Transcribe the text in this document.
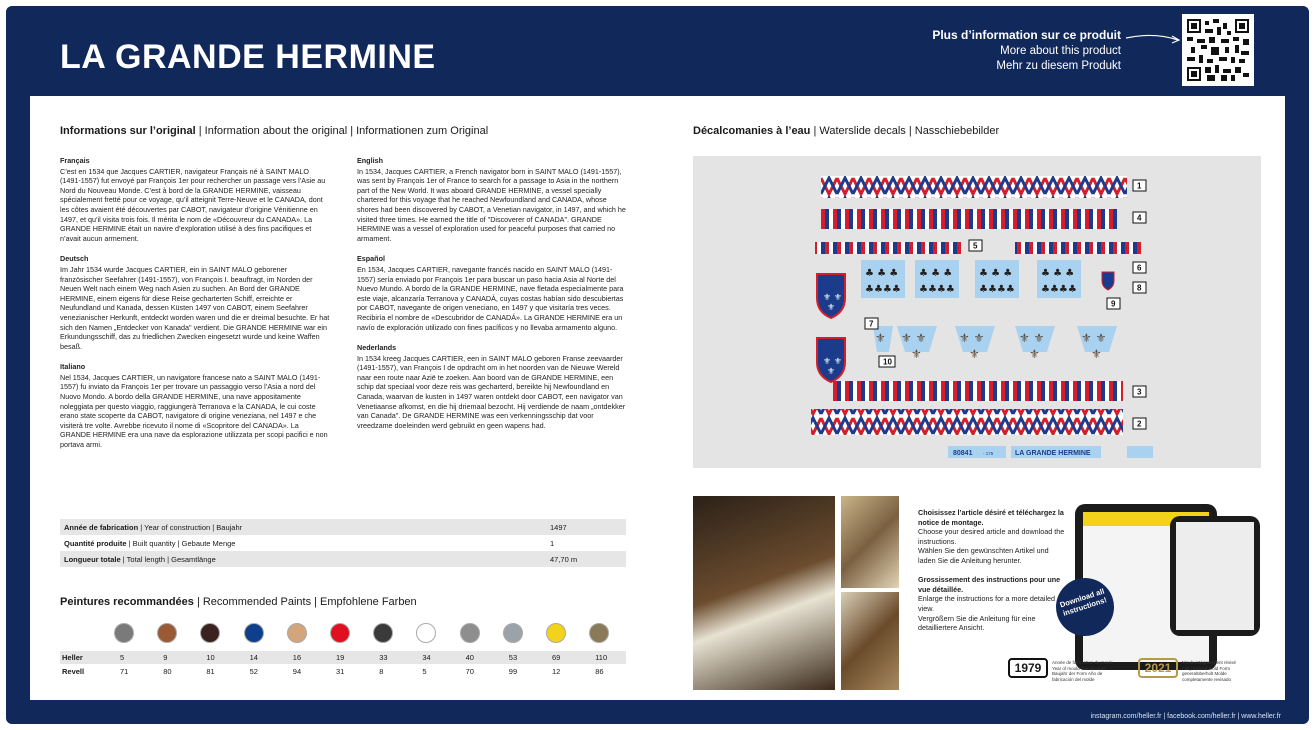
LA GRANDE HERMINE
Plus d’information sur ce produit
More about this product
Mehr zu diesem Produkt
Informations sur l’original | Information about the original | Informationen zum Original

Français
C’est en 1534 que Jacques CARTIER, navigateur Français né à SAINT MALO (1491-1557) fut envoyé par François 1er pour rechercher un passage vers l’Asie au Nord du Nouveau Monde. C’est à bord de la GRANDE HERMINE, vaisseau spécialement fretté pour ce voyage, qu’il atteignit Terre-Neuve et le CANADA, dont les côtes avaient été découvertes par CABOT, navigateur d’origine Vénitienne en 1497, et qu’il visita trois fois. Il mérita le nom de «Découvreur du CANADA». La GRANDE HERMINE était un navire d’exploration utilisé à des fins pacifiques et n’avait aucun armement.

Deutsch
Im Jahr 1534 wurde Jacques CARTIER, ein in SAINT MALO geborener französischer Seefahrer (1491-1557), von François I. beauftragt, im Norden der Neuen Welt nach einem Weg nach Asien zu suchen. An Bord der GRANDE HERMINE, einem eigens für diese Reise gecharterten Schiff, erreichte er Neufundland und Kanada, dessen Küsten 1497 von CABOT, einem Seefahrer venezianischer Herkunft, entdeckt worden waren und die er dreimal besuchte. Er hat sich den Namen „Entdecker von Kanada" verdient. Die GRANDE HERMINE war ein Erkundungsschiff, das zu friedlichen Zwecken eingesetzt wurde und keine Waffen besaß.

Italiano
Nel 1534, Jacques CARTIER, un navigatore francese nato a SAINT MALO (1491-1557) fu inviato da François 1er per trovare un passaggio verso l’Asia a nord del Nuovo Mondo. A bordo della GRANDE HERMINE, una nave appositamente noleggiata per questo viaggio, raggiungerà Terranova e la CANADA, le cui coste erano state scoperte da CABOT, navigatore di origine veneziana, nel 1497 e che visiterà tre volte. Avrebbe ricevuto il nome di «Scopritore del CANADA». La GRANDE HERMINE era una nave da esplorazione utilizzata per scopi pacifici e non portava armi.

English
In 1534, Jacques CARTIER, a French navigator born in SAINT MALO (1491-1557), was sent by François 1er of France to search for a passage to Asia in the northern part of the New World. It was aboard GRANDE HERMINE, a vessel specially chartered for this voyage that he reached Newfoundland and CANADA, whose shores had been discovered by CABOT, a Venetian navigator, in 1497, and which he visited three times. He earned the title of "Discoverer of CANADA". GRANDE HERMINE was a vessel of exploration used for peaceful purposes that carried no armament.

Español
En 1534, Jacques CARTIER, navegante francés nacido en SAINT MALO (1491-1557) sería enviado por François 1er para buscar un paso hacia Asia al Norte del Nuevo Mundo. A bordo de la GRANDE HERMINE, nave fletada especialmente para este viaje, alcanzaría Terranova y CANADÁ, cuyas costas habían sido descubiertas por CABOT, navegante de origen veneciano, en 1497 y que visitaría tres veces. Recibiría el nombre de «Descubridor de CANADÁ». La GRANDE HERMINE era un navío de exploración utilizado con fines pacíficos y no llevaba armamento alguno.

Nederlands
In 1534 kreeg Jacques CARTIER, een in SAINT MALO geboren Franse zeevaarder (1491-1557), van François I de opdracht om in het noorden van de Nieuwe Wereld naar een route naar Azië te zoeken. Aan boord van de GRANDE HERMINE, een schip dat speciaal voor deze reis was gecharterd, bereikte hij Newfoundland en Canada, waarvan de kusten in 1497 waren ontdekt door CABOT, een navigator van Venetiaanse afkomst, en die hij driemaal bezocht. Hij verdiende de naam „ontdekker van Canada". De GRANDE HERMINE was een verkenningsschip dat voor vreedzame doeleinden werd gebruikt en geen wapens had.

Année de fabrication | Year of construction | Baujahr	1497
Quantité produite | Built quantity | Gebaute Menge	1
Longueur totale | Total length | Gesamtlänge	47,70 m
Peintures recommandées | Recommended Paints | Empfohlene Farben
Heller	5	9	10	14	16	19	33	34	40	53	69	110
Revell	71	80	81	52	94	31	8	5	70	99	12	86
Décalcomanies à l’eau | Waterslide decals | Nasschiebebilder
♣ ♣ ♣
♣♣♣♣
♣ ♣ ♣
♣♣♣♣
♣ ♣ ♣
♣♣♣♣
♣ ♣ ♣
♣♣♣♣
⚜ ⚜
⚜
⚜ ⚜
⚜
⚜ ⚜
⚜
⚜ ⚜
⚜
⚜
⚜ ⚜
⚜
⚜ ⚜
⚜
1
4
5
6
8
9
7
10
3
2
80841 - 175	LA GRANDE HERMINE
Choisissez l’article désiré et téléchargez la notice de montage.
Choose your desired article and download the instructions.
Wählen Sie den gewünschten Artikel und laden Sie die Anleitung herunter.

Grossissement des instructions pour une vue détaillée.
Enlarge the instructions for a more detailed view.
Vergrößern Sie die Anleitung für eine detailliertere Ansicht.
Download all instructions!
1979	Année de fabrication du moule Year of mould manufacture Baujahr der Form Año de fabricación del molde
2021	Moule intégralement révisé Fully revised mold Form generalüberholt Molde completamente revisado
instagram.com/heller.fr | facebook.com/heller.fr | www.heller.fr
